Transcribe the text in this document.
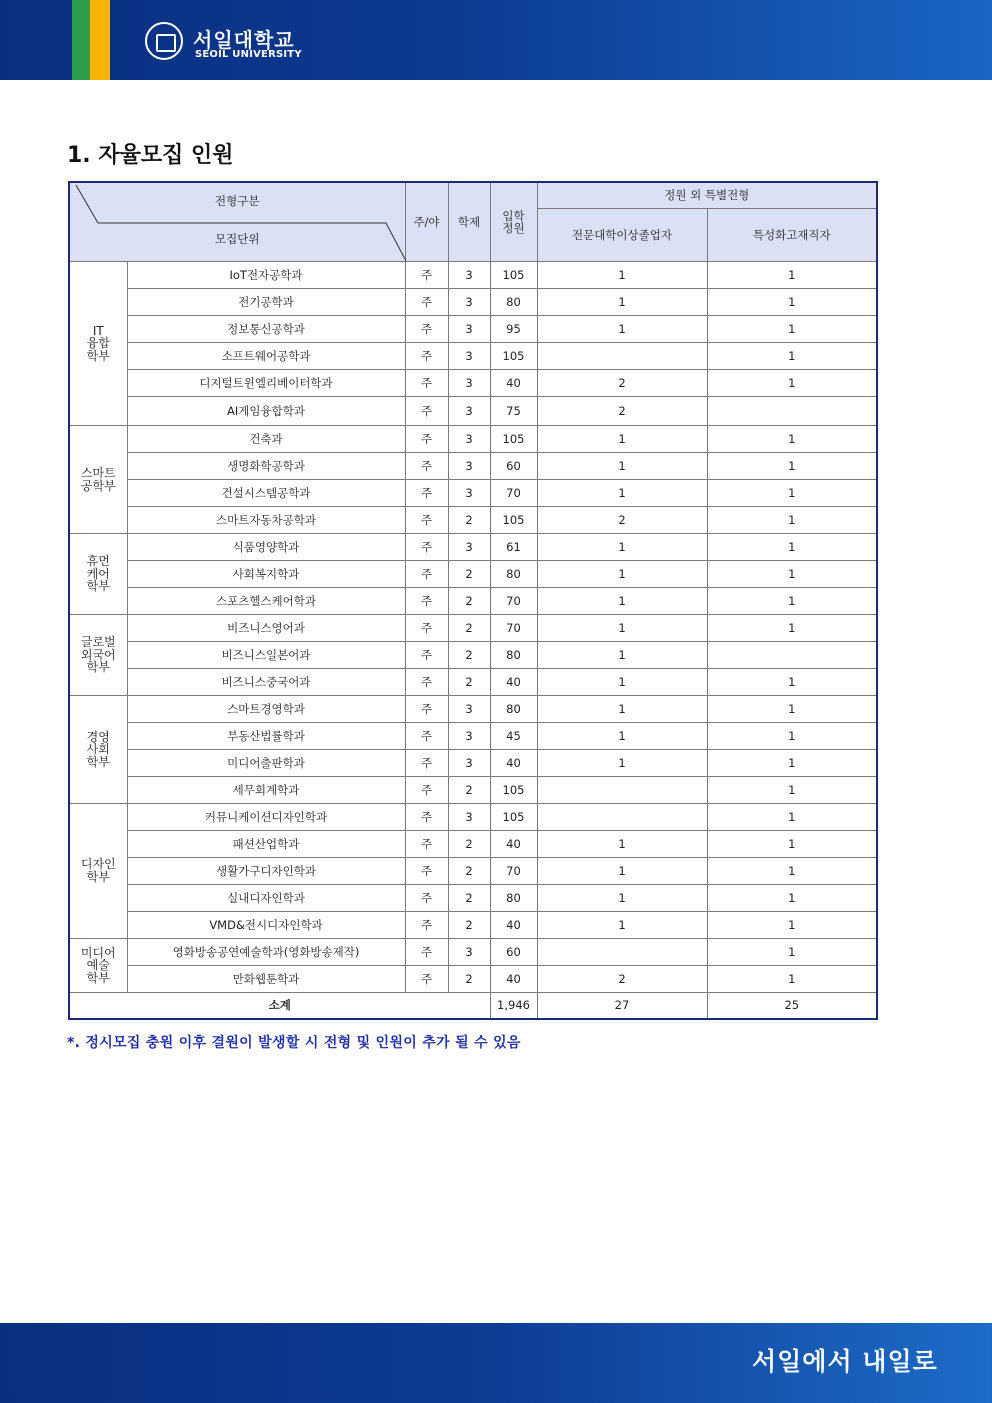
서일대학교
SEOIL UNIVERSITY
1. 자율모집 인원
전형구분
모집단위		주/야	학제	입학
정원	정원 외 특별전형	
					전문대학이상졸업자	특성화고재직자
IT
융합
학부	IoT전자공학과	주	3	105	1	1
	전기공학과	주	3	80	1	1
	정보통신공학과	주	3	95	1	1
	소프트웨어공학과	주	3	105		1
	디지털트윈엘리베이터학과	주	3	40	2	1
	AI게임융합학과	주	3	75	2	
스마트
공학부	건축과	주	3	105	1	1
	생명화학공학과	주	3	60	1	1
	건설시스템공학과	주	3	70	1	1
	스마트자동차공학과	주	2	105	2	1
휴먼
케어
학부	식품영양학과	주	3	61	1	1
	사회복지학과	주	2	80	1	1
	스포츠헬스케어학과	주	2	70	1	1
글로벌
외국어
학부	비즈니스영어과	주	2	70	1	1
	비즈니스일본어과	주	2	80	1	
	비즈니스중국어과	주	2	40	1	1
경영
사회
학부	스마트경영학과	주	3	80	1	1
	부동산법률학과	주	3	45	1	1
	미디어출판학과	주	3	40	1	1
	세무회계학과	주	2	105		1
디자인
학부	커뮤니케이션디자인학과	주	3	105		1
	패션산업학과	주	2	40	1	1
	생활가구디자인학과	주	2	70	1	1
	실내디자인학과	주	2	80	1	1
	VMD&전시디자인학과	주	2	40	1	1
미디어
예술
학부	영화방송공연예술학과(영화방송제작)	주	3	60		1
	만화웹툰학과	주	2	40	2	1
소계				1,946	27	25
*. 정시모집 충원 이후 결원이 발생할 시 전형 및 인원이 추가 될 수 있음
서일에서 내일로
